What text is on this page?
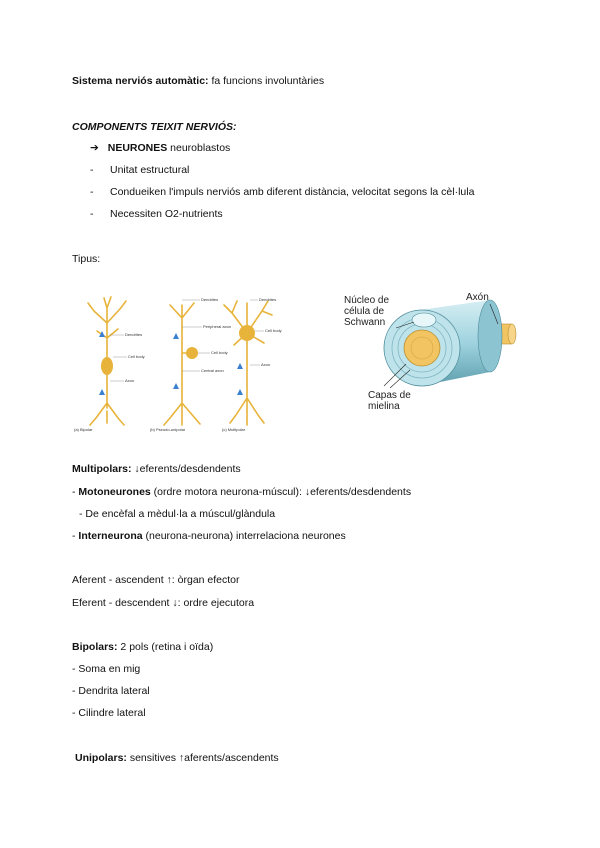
Sistema nerviós automàtic: fa funcions involuntàries
COMPONENTS TEIXIT NERVIÓS:
➔ NEURONES neuroblastos
- Unitat estructural
- Condueiken l'impuls nerviós amb diferent distància, velocitat segons la cèl·lula
- Necessiten O2-nutrients
Tipus:
Dendrites
Cell body
Axon
Dendrites
Peripheral axon
Cell body
Central axon
Dendrites
Cell body
Axon
(a) Bipolar	(b) Pseudo-unipolar	(c) Multipolar
Núcleo de
célula de
Schwann
Axón
Capas de
mielina
Multipolars: ↓eferents/desdendents
- Motoneurones (ordre motora neurona-múscul): ↓eferents/desdendents
- De encèfal a mèdul·la a múscul/glàndula
- Interneurona (neurona-neurona) interrelaciona neurones
Aferent - ascendent ↑: òrgan efector
Eferent - descendent ↓: ordre ejecutora
Bipolars: 2 pols (retina i oïda)
- Soma en mig
- Dendrita lateral
- Cilindre lateral
Unipolars: sensitives ↑aferents/ascendents
